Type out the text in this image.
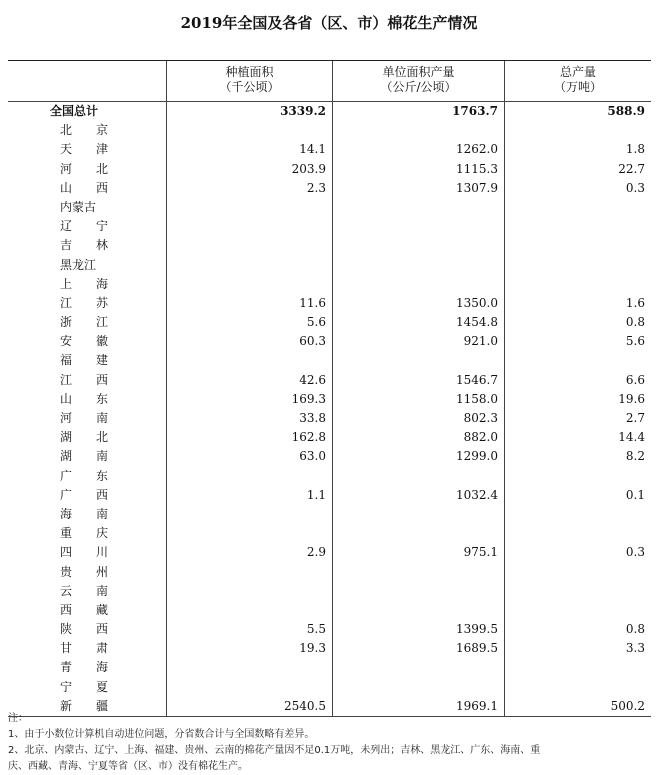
2019年全国及各省（区、市）棉花生产情况
种植面积
（千公顷）
单位面积产量
（公斤/公顷）
总产量
（万吨）
全国总计	3339.2	1763.7	588.9
北　　京
天　　津	14.1	1262.0	1.8
河　　北	203.9	1115.3	22.7
山　　西	2.3	1307.9	0.3
内蒙古
辽　　宁
吉　　林
黑龙江
上　　海
江　　苏	11.6	1350.0	1.6
浙　　江	5.6	1454.8	0.8
安　　徽	60.3	921.0	5.6
福　　建
江　　西	42.6	1546.7	6.6
山　　东	169.3	1158.0	19.6
河　　南	33.8	802.3	2.7
湖　　北	162.8	882.0	14.4
湖　　南	63.0	1299.0	8.2
广　　东
广　　西	1.1	1032.4	0.1
海　　南
重　　庆
四　　川	2.9	975.1	0.3
贵　　州
云　　南
西　　藏
陕　　西	5.5	1399.5	0.8
甘　　肃	19.3	1689.5	3.3
青　　海
宁　　夏
新　　疆	2540.5	1969.1	500.2
注：
1、由于小数位计算机自动进位问题，分省数合计与全国数略有差异。
2、北京、内蒙古、辽宁、上海、福建、贵州、云南的棉花产量因不足0.1万吨，未列出；吉林、黑龙江、广东、海南、重
庆、西藏、青海、宁夏等省（区、市）没有棉花生产。
